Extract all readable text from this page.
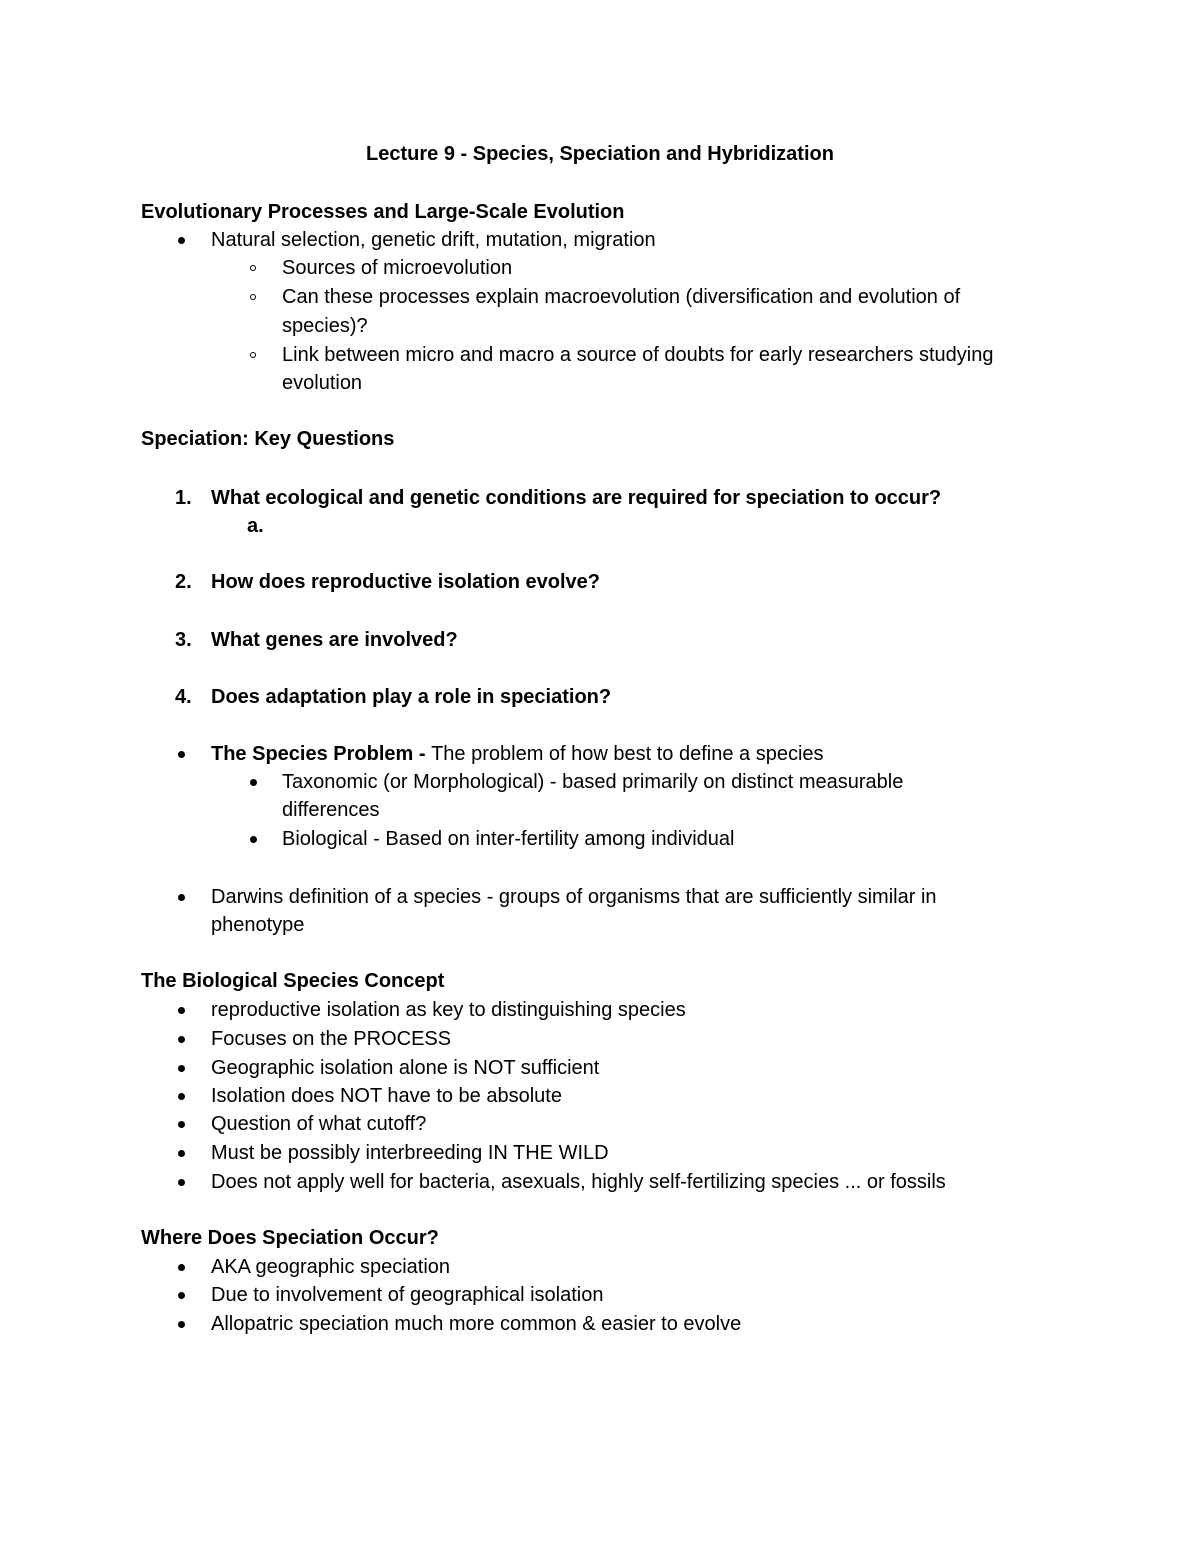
Lecture 9 - Species, Speciation and Hybridization
Evolutionary Processes and Large-Scale Evolution
Natural selection, genetic drift, mutation, migration
Sources of microevolution
Can these processes explain macroevolution (diversification and evolution of
species)?
Link between micro and macro a source of doubts for early researchers studying
evolution
Speciation: Key Questions
1. What ecological and genetic conditions are required for speciation to occur?
a.
2. How does reproductive isolation evolve?
3. What genes are involved?
4. Does adaptation play a role in speciation?
The Species Problem - The problem of how best to define a species
Taxonomic (or Morphological) - based primarily on distinct measurable
differences
Biological - Based on inter-fertility among individual
Darwins definition of a species - groups of organisms that are sufficiently similar in
phenotype
The Biological Species Concept
reproductive isolation as key to distinguishing species
Focuses on the PROCESS
Geographic isolation alone is NOT sufficient
Isolation does NOT have to be absolute
Question of what cutoff?
Must be possibly interbreeding IN THE WILD
Does not apply well for bacteria, asexuals, highly self-fertilizing species ... or fossils
Where Does Speciation Occur?
AKA geographic speciation
Due to involvement of geographical isolation
Allopatric speciation much more common & easier to evolve
